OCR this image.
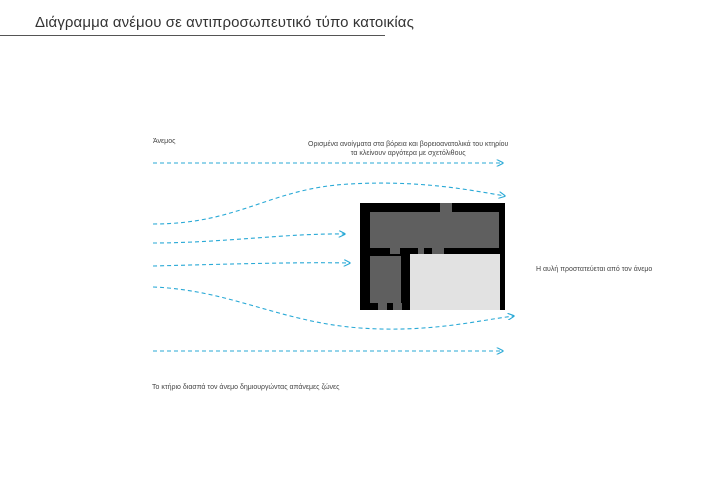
Διάγραμμα ανέμου σε αντιπροσωπευτικό τύπο κατοικίας
Άνεμος	Ορισμένα ανοίγματα στα βόρεια και βορειοανατολικά του κτηρίου
τα κλείνουν αργότερα με σχετόλιθους
Η αυλή προστατεύεται από τον άνεμο
Το κτήριο διασπά τον άνεμο δημιουργώντας απάνεμες ζώνες
